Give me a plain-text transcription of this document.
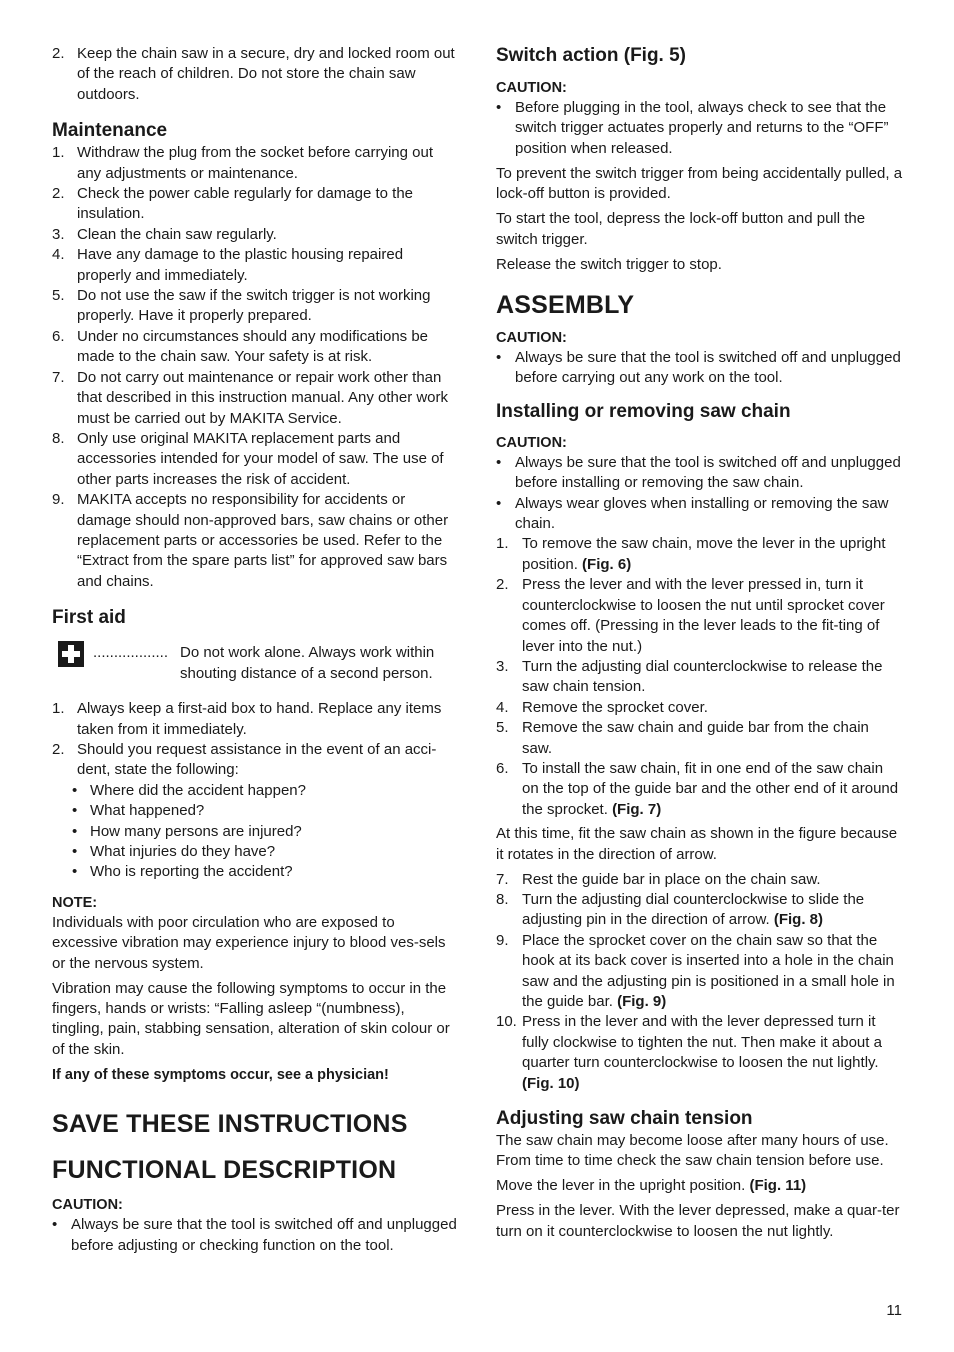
2. Keep the chain saw in a secure, dry and locked room out of the reach of children. Do not store the chain saw outdoors.
Maintenance
1. Withdraw the plug from the socket before carrying out any adjustments or maintenance.
2. Check the power cable regularly for damage to the insulation.
3. Clean the chain saw regularly.
4. Have any damage to the plastic housing repaired properly and immediately.
5. Do not use the saw if the switch trigger is not working properly. Have it properly prepared.
6. Under no circumstances should any modifications be made to the chain saw. Your safety is at risk.
7. Do not carry out maintenance or repair work other than that described in this instruction manual. Any other work must be carried out by MAKITA Service.
8. Only use original MAKITA replacement parts and accessories intended for your model of saw. The use of other parts increases the risk of accident.
9. MAKITA accepts no responsibility for accidents or damage should non-approved bars, saw chains or other replacement parts or accessories be used. Refer to the “Extract from the spare parts list” for approved saw bars and chains.
First aid
.................. Do not work alone. Always work within shouting distance of a second person.
1. Always keep a first-aid box to hand. Replace any items taken from it immediately.
2. Should you request assistance in the event of an acci-dent, state the following:
• Where did the accident happen?
• What happened?
• How many persons are injured?
• What injuries do they have?
• Who is reporting the accident?

NOTE:

Individuals with poor circulation who are exposed to excessive vibration may experience injury to blood ves-sels or the nervous system.

Vibration may cause the following symptoms to occur in the fingers, hands or wrists: “Falling asleep “(numbness), tingling, pain, stabbing sensation, alteration of skin colour or of the skin.

If any of these symptoms occur, see a physician!

SAVE THESE INSTRUCTIONS
FUNCTIONAL DESCRIPTION

CAUTION:

• Always be sure that the tool is switched off and unplugged before adjusting or checking function on the tool.
Switch action (Fig. 5)

CAUTION:

• Before plugging in the tool, always check to see that the switch trigger actuates properly and returns to the “OFF” position when released.

To prevent the switch trigger from being accidentally pulled, a lock-off button is provided.

To start the tool, depress the lock-off button and pull the switch trigger.

Release the switch trigger to stop.

ASSEMBLY

CAUTION:

• Always be sure that the tool is switched off and unplugged before carrying out any work on the tool.
Installing or removing saw chain

CAUTION:

• Always be sure that the tool is switched off and unplugged before installing or removing the saw chain.
• Always wear gloves when installing or removing the saw chain.
1. To remove the saw chain, move the lever in the upright position. (Fig. 6)
2. Press the lever and with the lever pressed in, turn it counterclockwise to loosen the nut until sprocket cover comes off. (Pressing in the lever leads to the fit-ting of lever into the nut.)
3. Turn the adjusting dial counterclockwise to release the saw chain tension.
4. Remove the sprocket cover.
5. Remove the saw chain and guide bar from the chain saw.
6. To install the saw chain, fit in one end of the saw chain on the top of the guide bar and the other end of it around the sprocket. (Fig. 7)

At this time, fit the saw chain as shown in the figure because it rotates in the direction of arrow.

7. Rest the guide bar in place on the chain saw.
8. Turn the adjusting dial counterclockwise to slide the adjusting pin in the direction of arrow. (Fig. 8)
9. Place the sprocket cover on the chain saw so that the hook at its back cover is inserted into a hole in the chain saw and the adjusting pin is positioned in a small hole in the guide bar. (Fig. 9)
10. Press in the lever and with the lever depressed turn it fully clockwise to tighten the nut. Then make it about a quarter turn counterclockwise to loosen the nut lightly. (Fig. 10)
Adjusting saw chain tension

The saw chain may become loose after many hours of use. From time to time check the saw chain tension before use.

Move the lever in the upright position. (Fig. 11)

Press in the lever. With the lever depressed, make a quar-ter turn on it counterclockwise to loosen the nut lightly.

11
